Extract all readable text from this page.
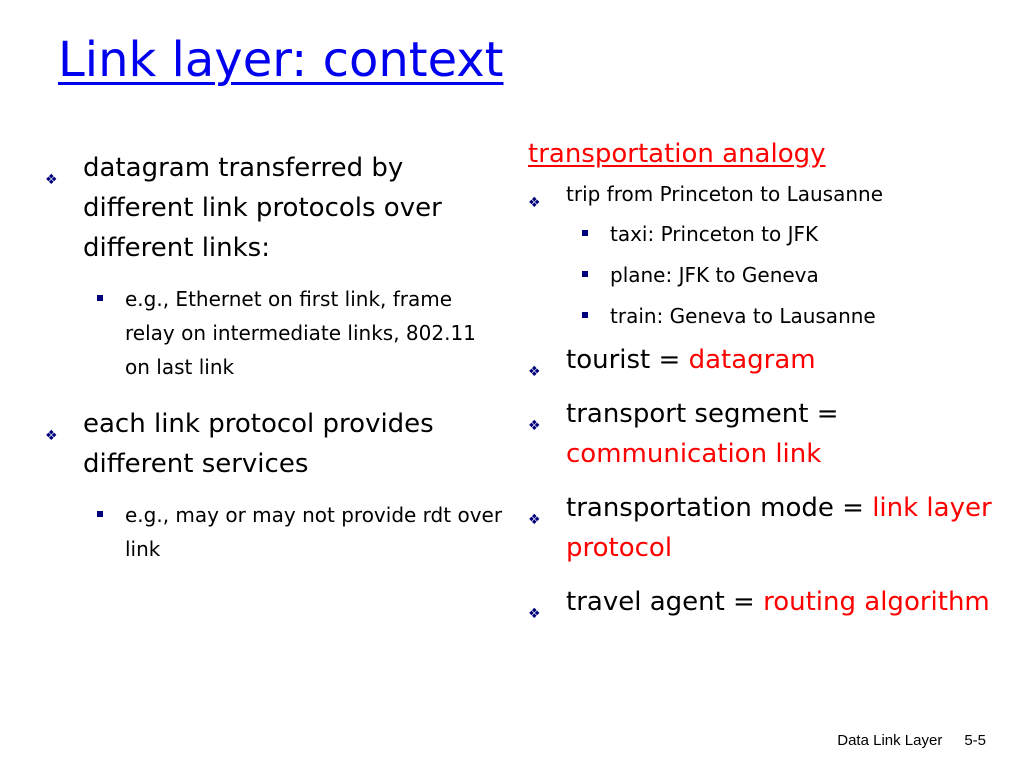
Link layer: context
❖ datagram transferred by different link protocols over different links:
e.g., Ethernet on first link, frame relay on intermediate links, 802.11 on last link
❖ each link protocol provides different services
e.g., may or may not provide rdt over link
transportation analogy
❖ trip from Princeton to Lausanne
taxi: Princeton to JFK
plane: JFK to Geneva
train: Geneva to Lausanne
❖ tourist = datagram
❖ transport segment = communication link
❖ transportation mode = link layer protocol
❖ travel agent = routing algorithm
Data Link Layer 5-5
